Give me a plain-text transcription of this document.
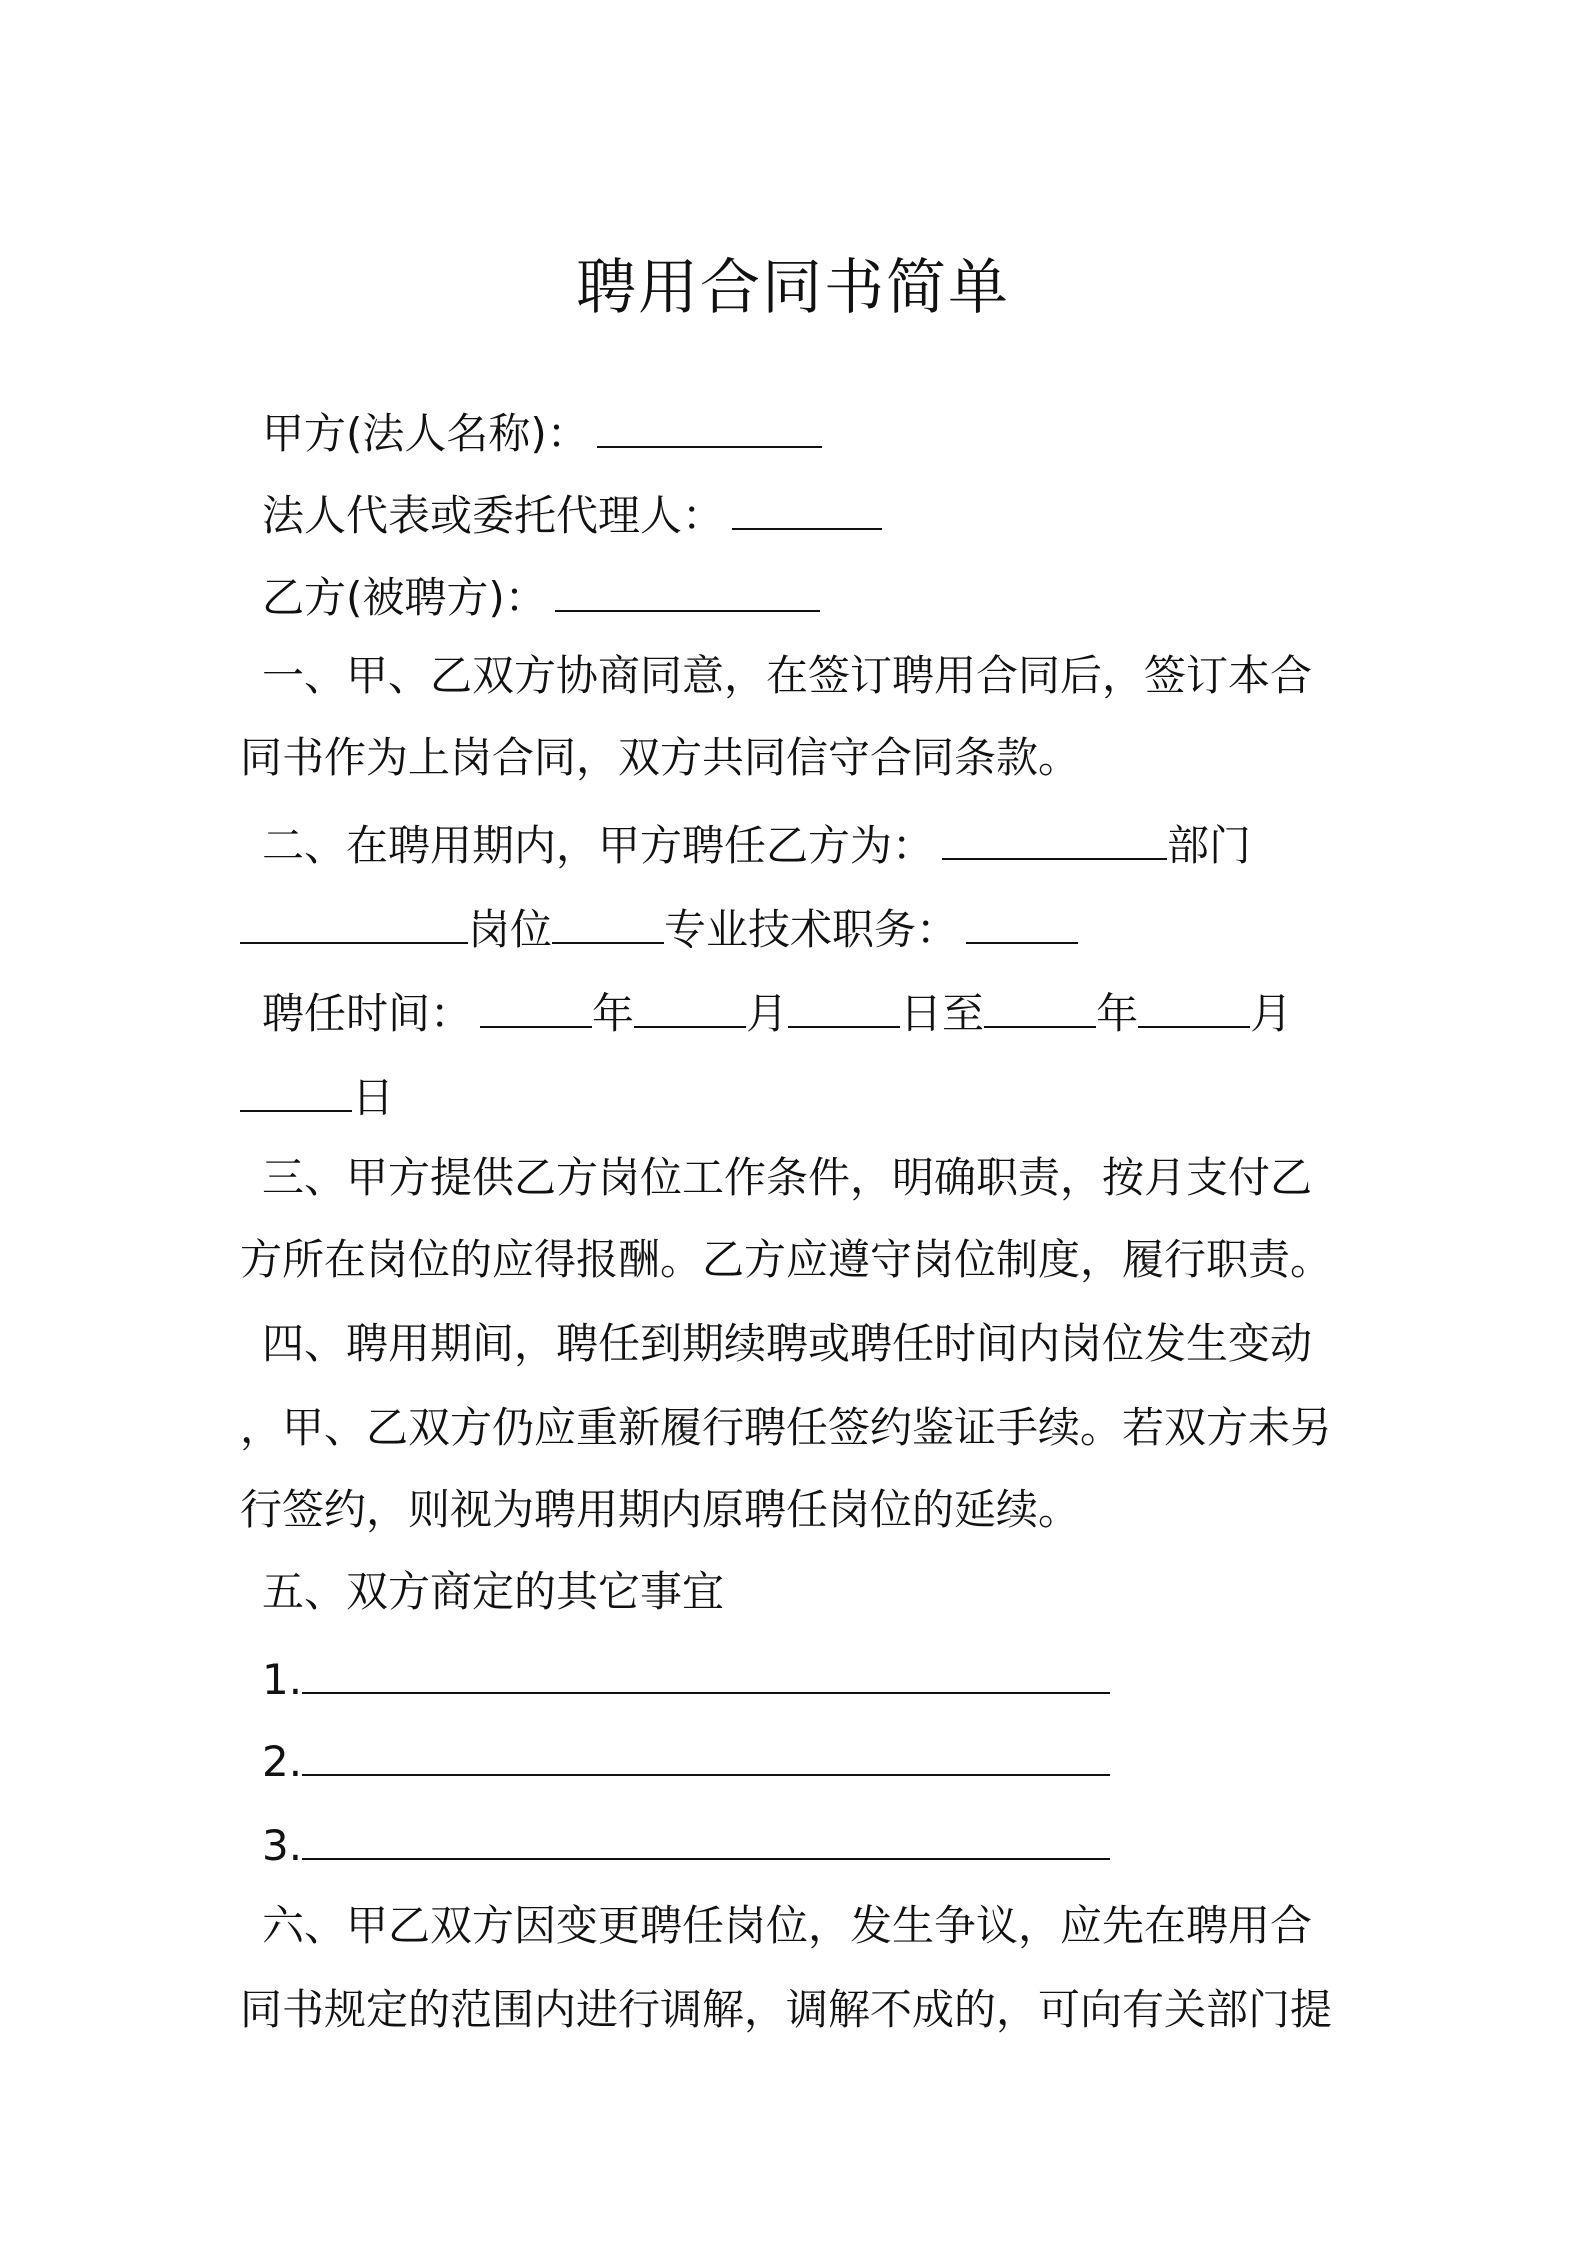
聘用合同书简单
甲方(法人名称)：
法人代表或委托代理人：
乙方(被聘方)：
一、甲、乙双方协商同意，在签订聘用合同后，签订本合
同书作为上岗合同，双方共同信守合同条款。
二、在聘用期内，甲方聘任乙方为：	部门
岗位	专业技术职务：
聘任时间：	年	月	日至	年	月
日
三、甲方提供乙方岗位工作条件，明确职责，按月支付乙
方所在岗位的应得报酬。乙方应遵守岗位制度，履行职责。
四、聘用期间，聘任到期续聘或聘任时间内岗位发生变动
，甲、乙双方仍应重新履行聘任签约鉴证手续。若双方未另
行签约，则视为聘用期内原聘任岗位的延续。
五、双方商定的其它事宜
1.
2.
3.
六、甲乙双方因变更聘任岗位，发生争议，应先在聘用合
同书规定的范围内进行调解，调解不成的，可向有关部门提
